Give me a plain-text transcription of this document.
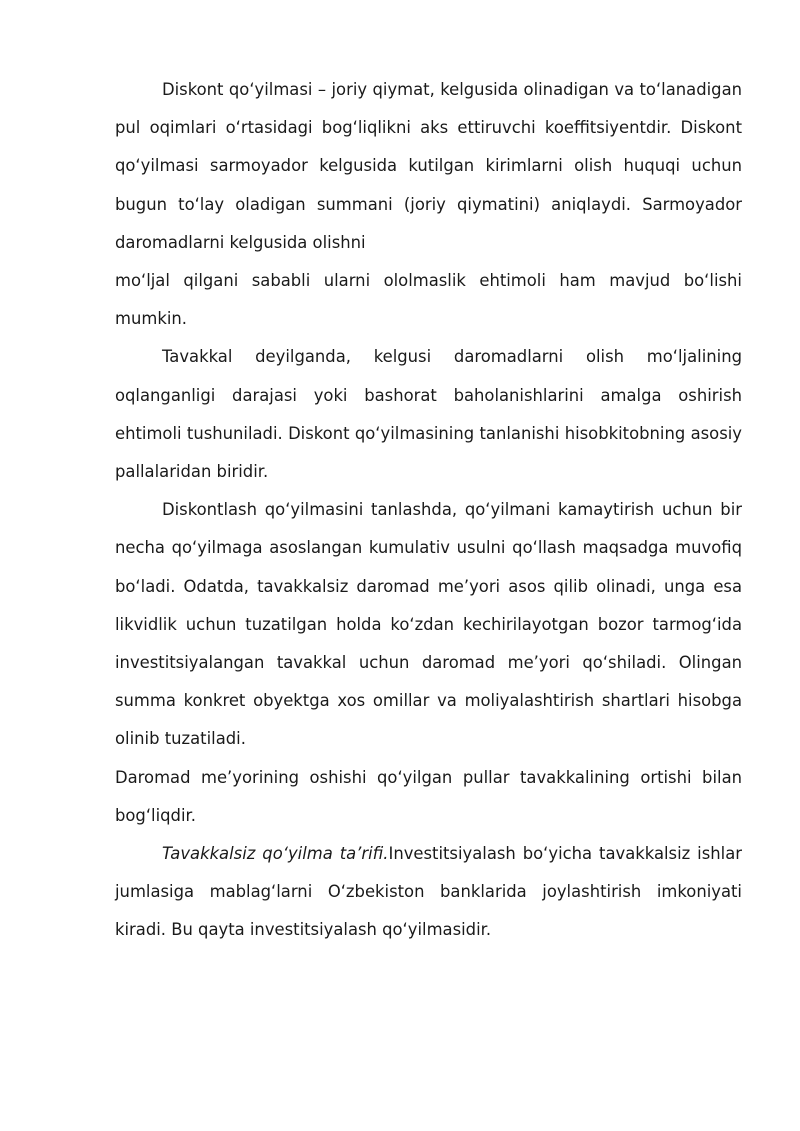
Diskont qo‘yilmasi – joriy qiymat, kelgusida olinadigan va to‘lanadigan pul oqimlari o‘rtasidagi bog‘liqlikni aks ettiruvchi koeffitsiyentdir. Diskont qo‘yilmasi sarmoyador kelgusida kutilgan kirimlarni olish huquqi uchun bugun to‘lay oladigan summani (joriy qiymatini) aniqlaydi. Sarmoyador daromadlarni kelgusida olishni
mo‘ljal qilgani sababli ularni ololmaslik ehtimoli ham mavjud bo‘lishi mumkin.

Tavakkal deyilganda, kelgusi daromadlarni olish mo‘ljalining oqlanganligi darajasi yoki bashorat baholanishlarini amalga oshirish ehtimoli tushuniladi. Diskont qo‘yilmasining tanlanishi hisobkitobning asosiy pallalaridan biridir.

Diskontlash qo‘yilmasini tanlashda, qo‘yilmani kamaytirish uchun bir necha qo‘yilmaga asoslangan kumulativ usulni qo‘llash maqsadga muvofiq bo‘ladi. Odatda, tavakkalsiz daromad me’yori asos qilib olinadi, unga esa likvidlik uchun tuzatilgan holda ko‘zdan kechirilayotgan bozor tarmog‘ida investitsiyalangan tavakkal uchun daromad me’yori qo‘shiladi. Olingan summa konkret obyektga xos omillar va moliyalashtirish shartlari hisobga olinib tuzatiladi.

Daromad me’yorining oshishi qo‘yilgan pullar tavakkalining ortishi bilan bog‘liqdir.

Tavakkalsiz qo‘yilma ta’rifi.Investitsiyalash bo‘yicha tavakkalsiz ishlar jumlasiga mablag‘larni O‘zbekiston banklarida joylashtirish imkoniyati kiradi. Bu qayta investitsiyalash qo‘yilmasidir.
